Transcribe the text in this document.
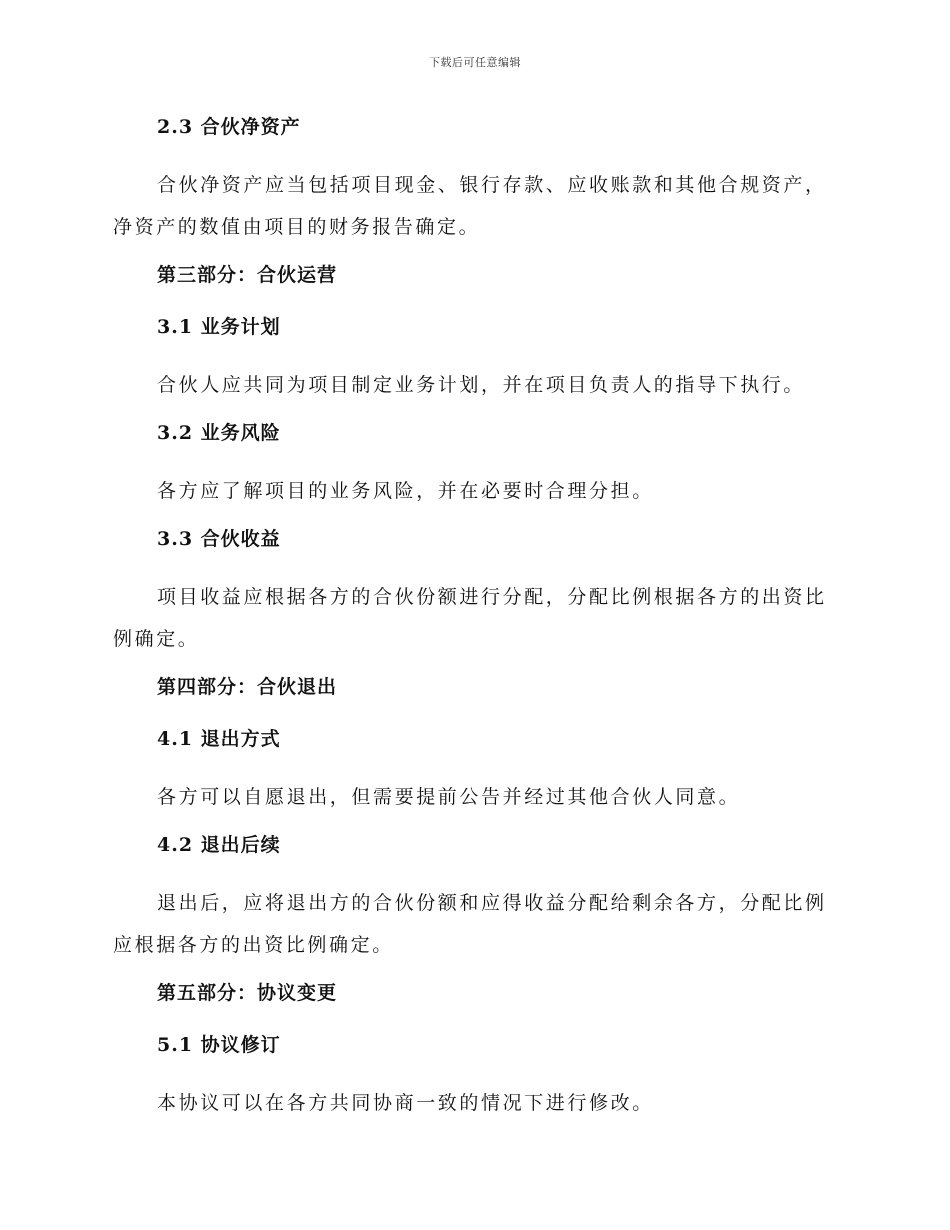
下载后可任意编辑
2.3 合伙净资产

合伙净资产应当包括项目现金、银行存款、应收账款和其他合规资产，净资产的数值由项目的财务报告确定。

第三部分：合伙运营
3.1 业务计划

合伙人应共同为项目制定业务计划，并在项目负责人的指导下执行。

3.2 业务风险

各方应了解项目的业务风险，并在必要时合理分担。

3.3 合伙收益

项目收益应根据各方的合伙份额进行分配，分配比例根据各方的出资比例确定。

第四部分：合伙退出
4.1 退出方式

各方可以自愿退出，但需要提前公告并经过其他合伙人同意。

4.2 退出后续

退出后，应将退出方的合伙份额和应得收益分配给剩余各方，分配比例应根据各方的出资比例确定。

第五部分：协议变更
5.1 协议修订

本协议可以在各方共同协商一致的情况下进行修改。
